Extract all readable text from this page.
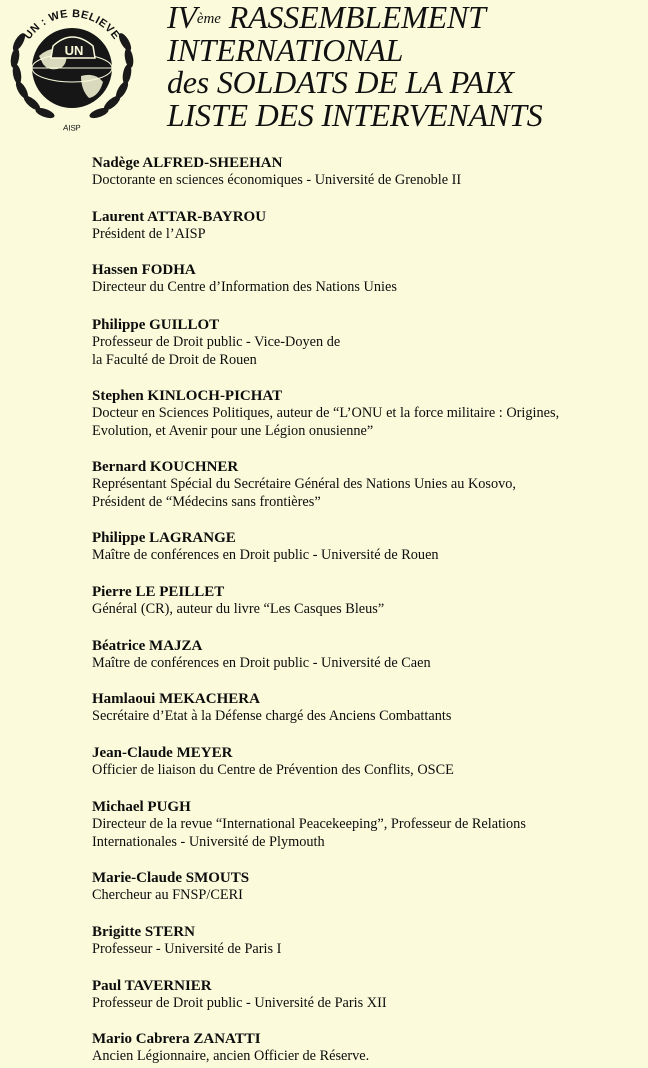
UN
UN : WE BELIEVE
AISP
IVème RASSEMBLEMENT
INTERNATIONAL
des SOLDATS DE LA PAIX
LISTE DES INTERVENANTS
Nadège ALFRED-SHEEHAN
Doctorante en sciences économiques - Université de Grenoble II
Laurent ATTAR-BAYROU
Président de l’AISP
Hassen FODHA
Directeur du Centre d’Information des Nations Unies
Philippe GUILLOT
Professeur de Droit public - Vice-Doyen de
la Faculté de Droit de Rouen
Stephen KINLOCH-PICHAT
Docteur en Sciences Politiques, auteur de “L’ONU et la force militaire : Origines,
Evolution, et Avenir pour une Légion onusienne”
Bernard KOUCHNER
Représentant Spécial du Secrétaire Général des Nations Unies au Kosovo,
Président de “Médecins sans frontières”
Philippe LAGRANGE
Maître de conférences en Droit public - Université de Rouen
Pierre LE PEILLET
Général (CR), auteur du livre “Les Casques Bleus”
Béatrice MAJZA
Maître de conférences en Droit public - Université de Caen
Hamlaoui MEKACHERA
Secrétaire d’Etat à la Défense chargé des Anciens Combattants
Jean-Claude MEYER
Officier de liaison du Centre de Prévention des Conflits, OSCE
Michael PUGH
Directeur de la revue “International Peacekeeping”, Professeur de Relations
Internationales - Université de Plymouth
Marie-Claude SMOUTS
Chercheur au FNSP/CERI
Brigitte STERN
Professeur - Université de Paris I
Paul TAVERNIER
Professeur de Droit public - Université de Paris XII
Mario Cabrera ZANATTI
Ancien Légionnaire, ancien Officier de Réserve.
